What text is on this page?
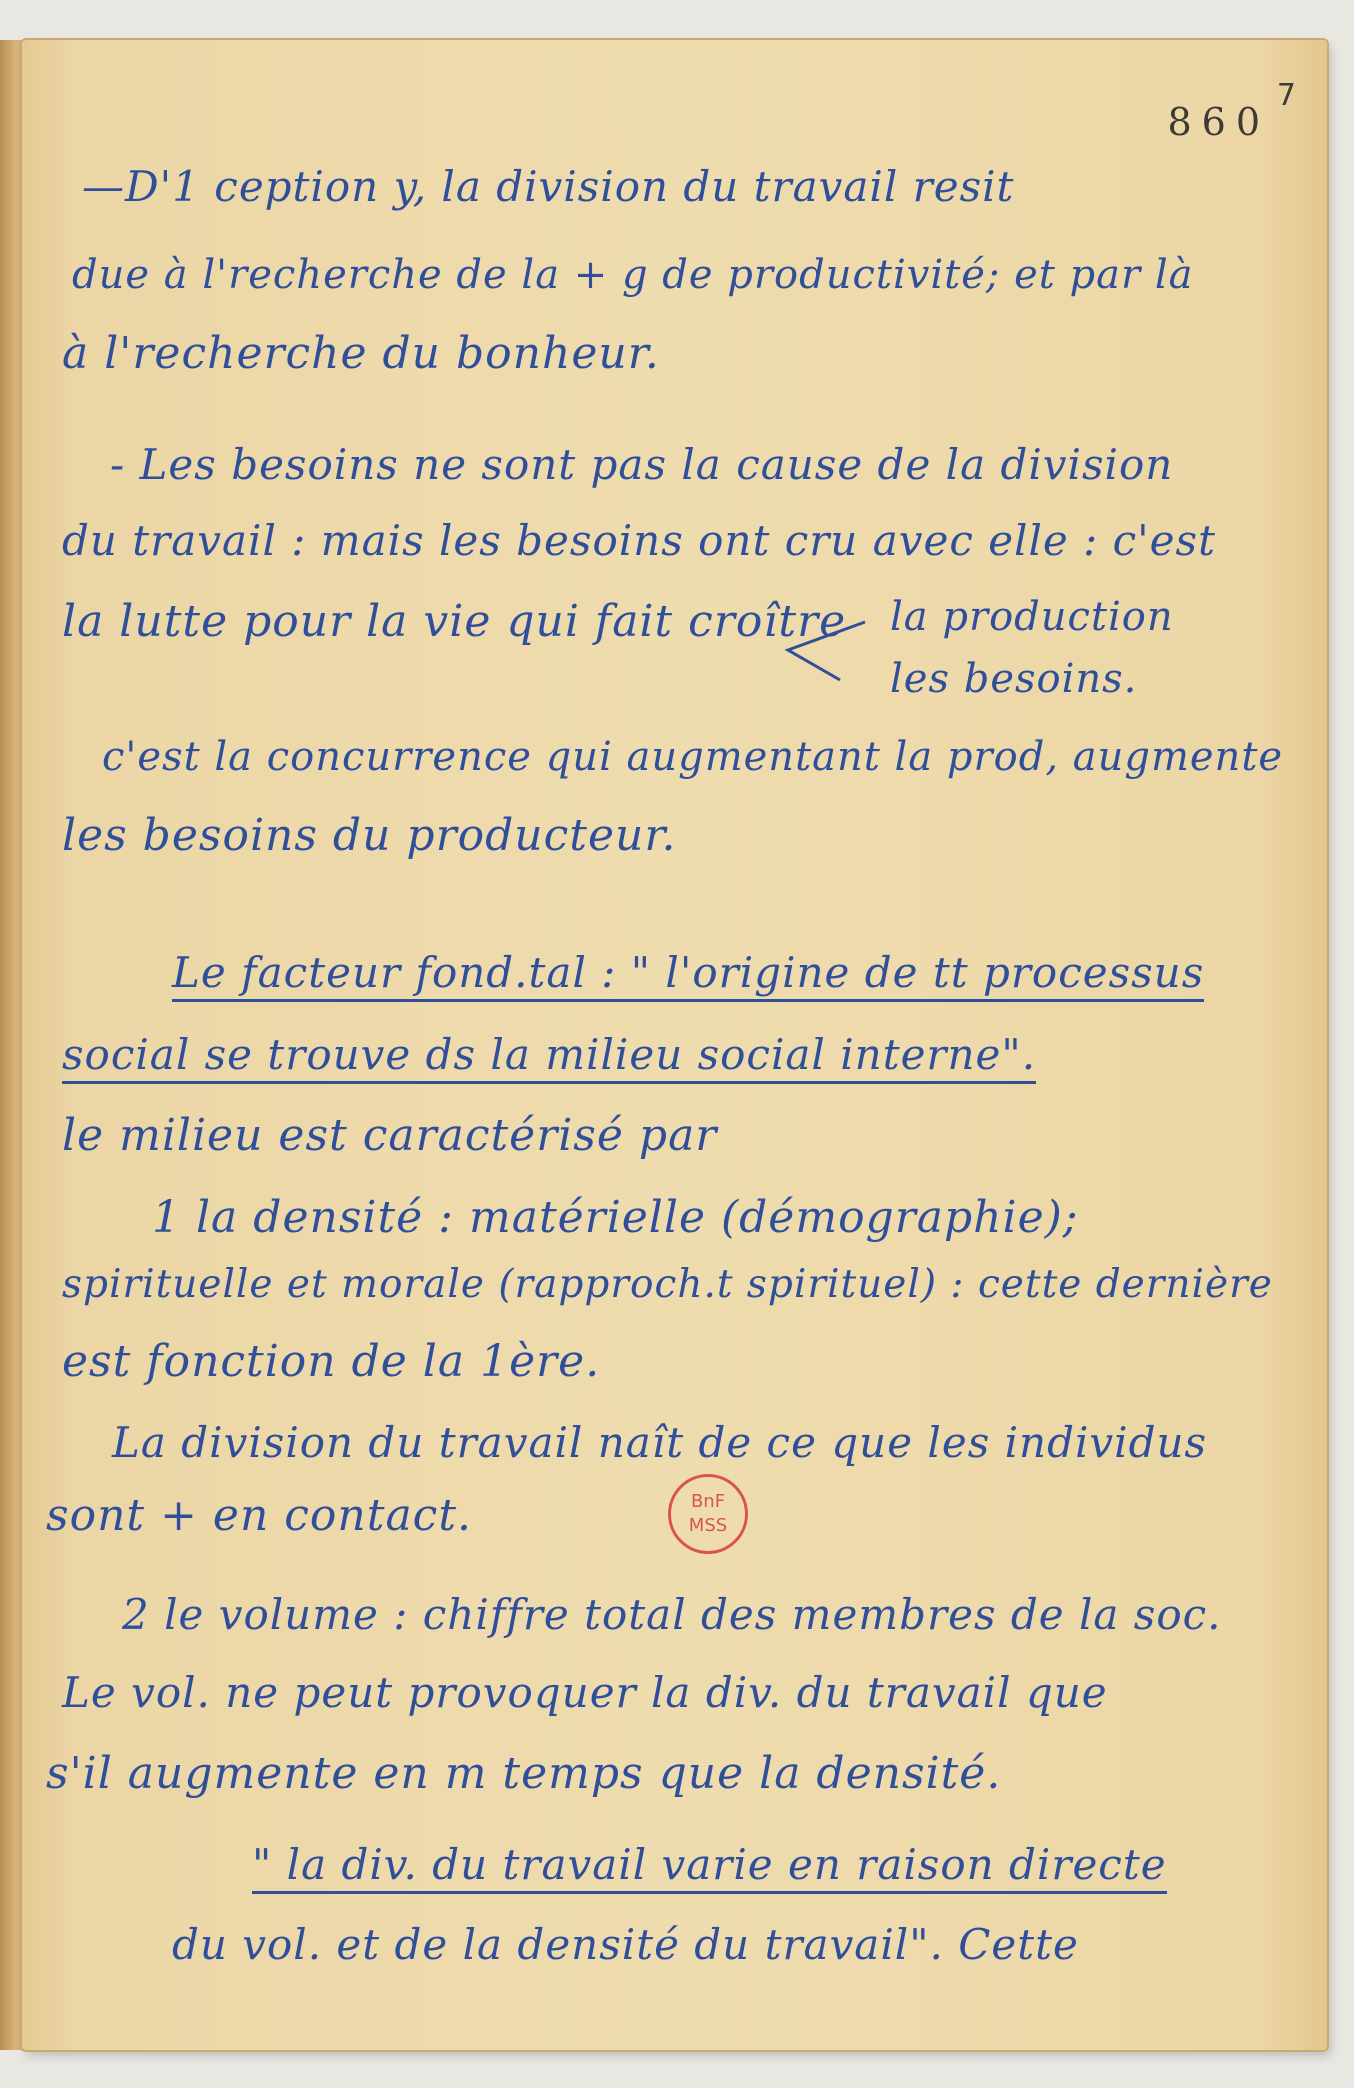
860
7
—D'1 ception y, la division du travail resit
due à l'recherche de la + g de productivité; et par là
à l'recherche du bonheur.
- Les besoins ne sont pas la cause de la division
du travail : mais les besoins ont cru avec elle : c'est
la lutte pour la vie qui fait croître la production
les besoins.
c'est la concurrence qui augmentant la prod, augmente
les besoins du producteur.
Le facteur fond.tal : " l'origine de tt processus
social se trouve ds la milieu social interne".
le milieu est caractérisé par
1 la densité : matérielle (démographie);
spirituelle et morale (rapproch.t spirituel) : cette dernière
est fonction de la 1ère.
La division du travail naît de ce que les individus
sont + en contact.	BnF
MSS
2 le volume : chiffre total des membres de la soc.
Le vol. ne peut provoquer la div. du travail que
s'il augmente en m temps que la densité.
" la div. du travail varie en raison directe
du vol. et de la densité du travail". Cette
